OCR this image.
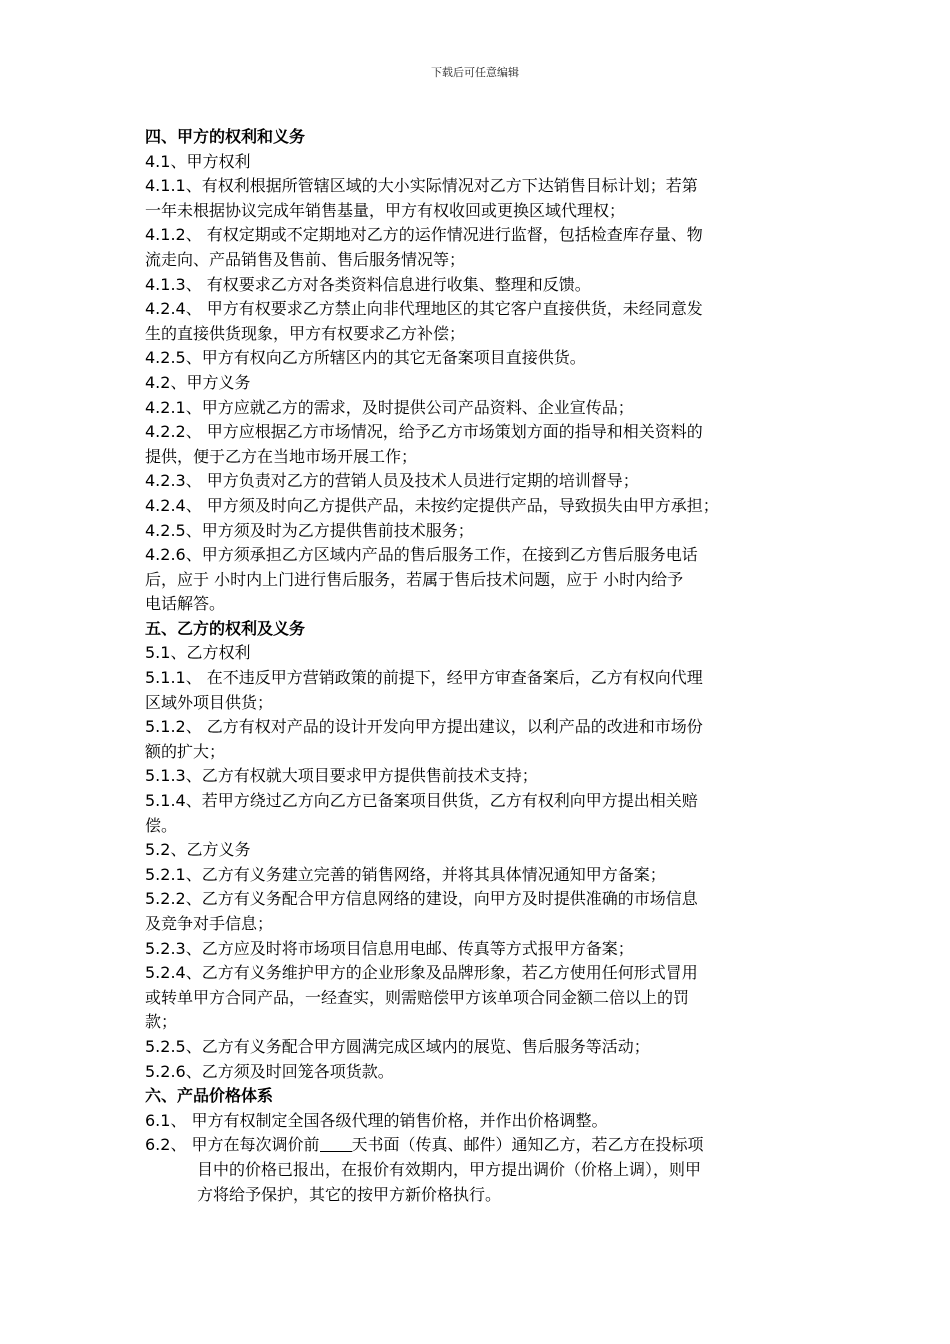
下载后可任意编辑
四、甲方的权利和义务
4.1、甲方权利
4.1.1、有权利根据所管辖区域的大小实际情况对乙方下达销售目标计划；若第
一年未根据协议完成年销售基量，甲方有权收回或更换区域代理权；
4.1.2、 有权定期或不定期地对乙方的运作情况进行监督，包括检查库存量、物
流走向、产品销售及售前、售后服务情况等；
4.1.3、 有权要求乙方对各类资料信息进行收集、整理和反馈。
4.2.4、 甲方有权要求乙方禁止向非代理地区的其它客户直接供货，未经同意发
生的直接供货现象，甲方有权要求乙方补偿；
4.2.5、甲方有权向乙方所辖区内的其它无备案项目直接供货。
4.2、甲方义务
4.2.1、甲方应就乙方的需求，及时提供公司产品资料、企业宣传品；
4.2.2、 甲方应根据乙方市场情况，给予乙方市场策划方面的指导和相关资料的
提供，便于乙方在当地市场开展工作；
4.2.3、 甲方负责对乙方的营销人员及技术人员进行定期的培训督导；
4.2.4、 甲方须及时向乙方提供产品，未按约定提供产品，导致损失由甲方承担；
4.2.5、甲方须及时为乙方提供售前技术服务；
4.2.6、甲方须承担乙方区域内产品的售后服务工作，在接到乙方售后服务电话
后，应于 小时内上门进行售后服务，若属于售后技术问题，应于 小时内给予
电话解答。
五、乙方的权利及义务
5.1、乙方权利
5.1.1、 在不违反甲方营销政策的前提下，经甲方审查备案后，乙方有权向代理
区域外项目供货；
5.1.2、 乙方有权对产品的设计开发向甲方提出建议，以利产品的改进和市场份
额的扩大；
5.1.3、乙方有权就大项目要求甲方提供售前技术支持；
5.1.4、若甲方绕过乙方向乙方已备案项目供货，乙方有权利向甲方提出相关赔
偿。
5.2、乙方义务
5.2.1、乙方有义务建立完善的销售网络，并将其具体情况通知甲方备案；
5.2.2、乙方有义务配合甲方信息网络的建设，向甲方及时提供准确的市场信息
及竞争对手信息；
5.2.3、乙方应及时将市场项目信息用电邮、传真等方式报甲方备案；
5.2.4、乙方有义务维护甲方的企业形象及品牌形象，若乙方使用任何形式冒用
或转单甲方合同产品，一经查实，则需赔偿甲方该单项合同金额二倍以上的罚
款；
5.2.5、乙方有义务配合甲方圆满完成区域内的展览、售后服务等活动；
5.2.6、乙方须及时回笼各项货款。
六、产品价格体系
6.1、 甲方有权制定全国各级代理的销售价格，并作出价格调整。
6.2、 甲方在每次调价前 天书面（传真、邮件）通知乙方，若乙方在投标项
目中的价格已报出，在报价有效期内，甲方提出调价（价格上调），则甲
方将给予保护，其它的按甲方新价格执行。
